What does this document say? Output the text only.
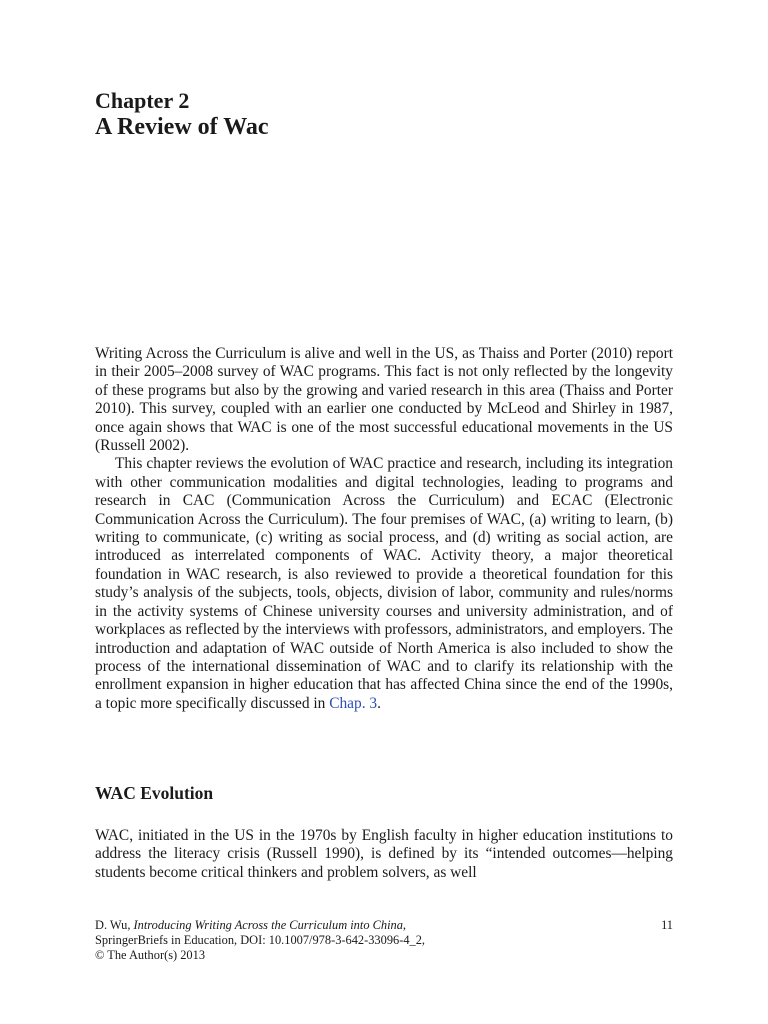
Chapter 2
A Review of Wac

Writing Across the Curriculum is alive and well in the US, as Thaiss and Porter (2010) report in their 2005–2008 survey of WAC programs. This fact is not only reflected by the longevity of these programs but also by the growing and varied research in this area (Thaiss and Porter 2010). This survey, coupled with an earlier one conducted by McLeod and Shirley in 1987, once again shows that WAC is one of the most successful educational movements in the US (Russell 2002).

This chapter reviews the evolution of WAC practice and research, including its integration with other communication modalities and digital technologies, leading to programs and research in CAC (Communication Across the Curriculum) and ECAC (Electronic Communication Across the Curriculum). The four premises of WAC, (a) writing to learn, (b) writing to communicate, (c) writing as social process, and (d) writing as social action, are introduced as interrelated components of WAC. Activity theory, a major theoretical foundation in WAC research, is also reviewed to provide a theoretical foundation for this study’s analysis of the subjects, tools, objects, division of labor, community and rules/norms in the activity systems of Chinese university courses and university administration, and of workplaces as reflected by the interviews with professors, administrators, and employers. The introduction and adaptation of WAC outside of North America is also included to show the process of the international dissemination of WAC and to clarify its relationship with the enrollment expansion in higher education that has affected China since the end of the 1990s, a topic more specifically discussed in Chap. 3.

WAC Evolution

WAC, initiated in the US in the 1970s by English faculty in higher education institutions to address the literacy crisis (Russell 1990), is defined by its “intended outcomes—helping students become critical thinkers and problem solvers, as well

D. Wu, Introducing Writing Across the Curriculum into China,
SpringerBriefs in Education, DOI: 10.1007/978-3-642-33096-4_2,
© The Author(s) 2013
11
